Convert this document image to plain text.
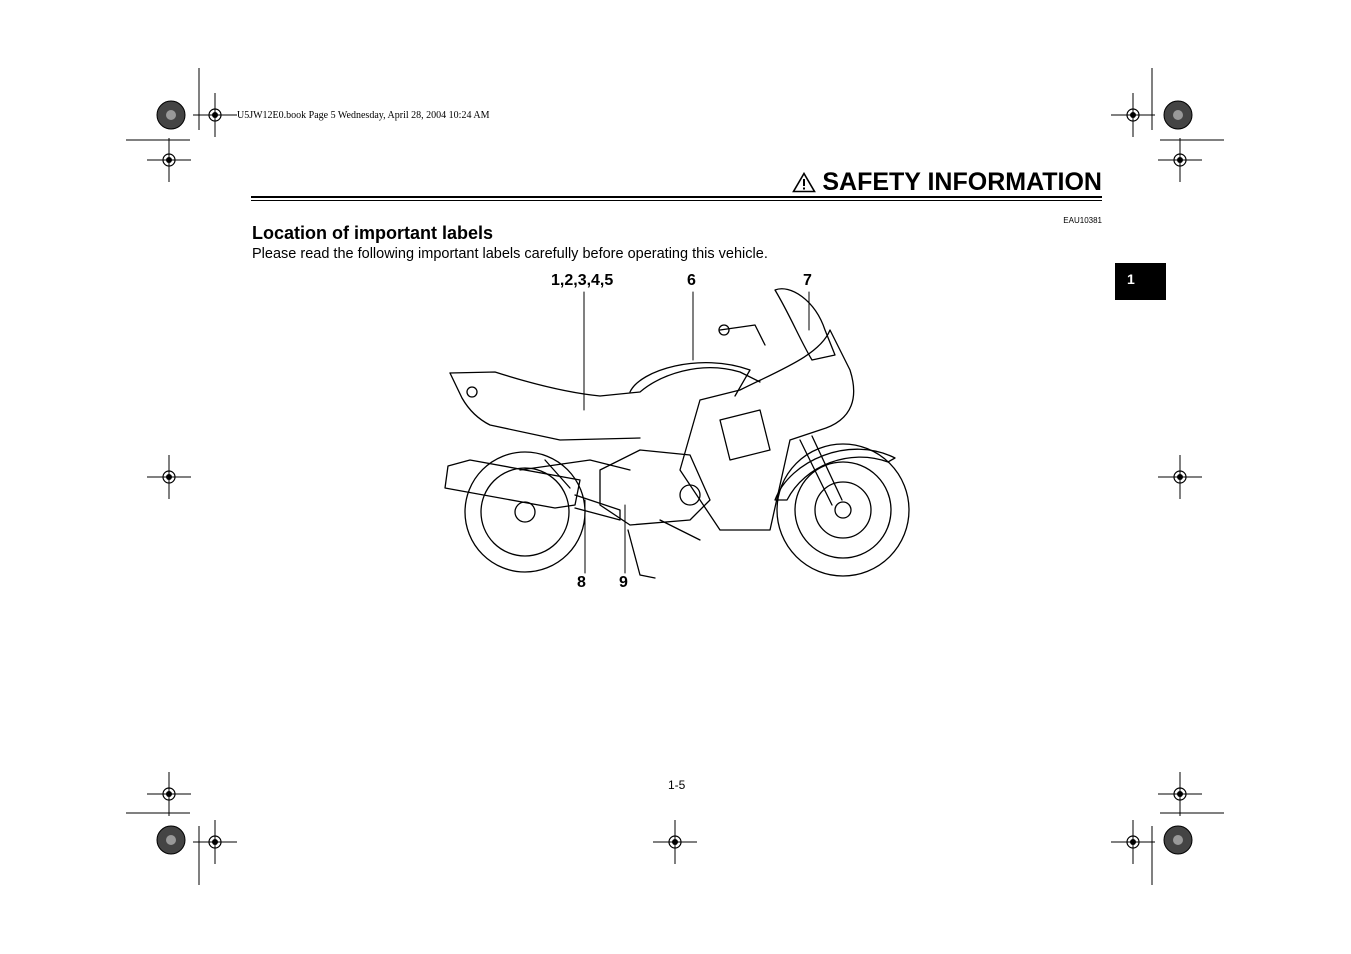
U5JW12E0.book Page 5 Wednesday, April 28, 2004 10:24 AM
SAFETY INFORMATION
EAU10381
Location of important labels
Please read the following important labels carefully before operating this vehicle.
1
1,2,3,4,5	6	7
8 9
1-5
